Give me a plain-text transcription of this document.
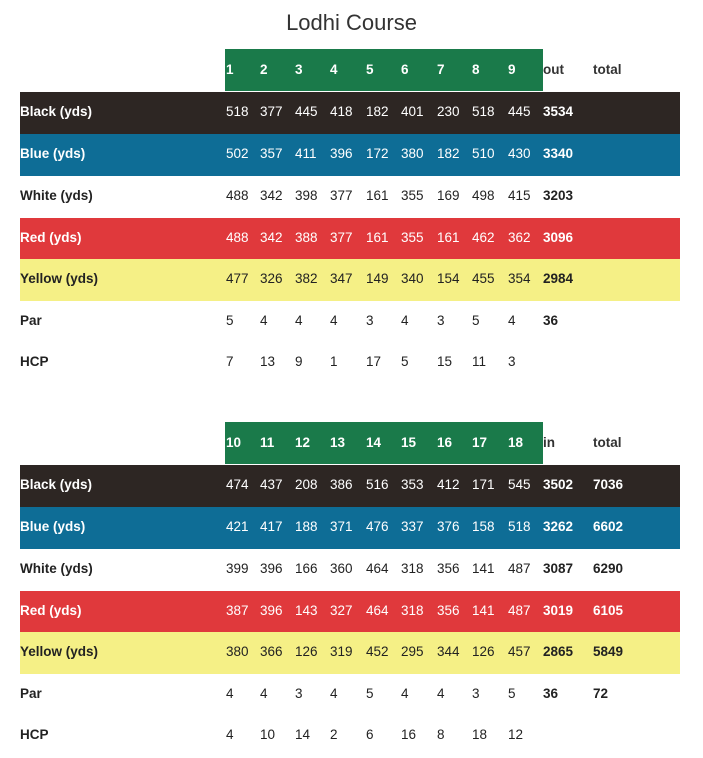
Lodhi Course
1 2 3 4 5 6 7 8 9 out total
Black (yds)	518 377 445 418 182 401 230 518 445 3534
Blue (yds)	502 357 411 396 172 380 182 510 430 3340
White (yds)	488 342 398 377 161 355 169 498 415 3203
Red (yds)	488 342 388 377 161 355 161 462 362 3096
Yellow (yds)	477 326 382 347 149 340 154 455 354 2984
Par	5 4 4 4 3 4 3 5 4 36
HCP	7 13 9 1 17 5 15 11 3
10 11 12 13 14 15 16 17 18 in	total
Black (yds)	474 437 208 386 516 353 412 171 545 3502 7036
Blue (yds)	421 417 188 371 476 337 376 158 518 3262 6602
White (yds)	399 396 166 360 464 318 356 141 487 3087 6290
Red (yds)	387 396 143 327 464 318 356 141 487 3019 6105
Yellow (yds)	380 366 126 319 452 295 344 126 457 2865 5849
Par	4 4 3 4 5 4 4 3 5 36	72
HCP	4 10 14 2 6 16 8 18 12
